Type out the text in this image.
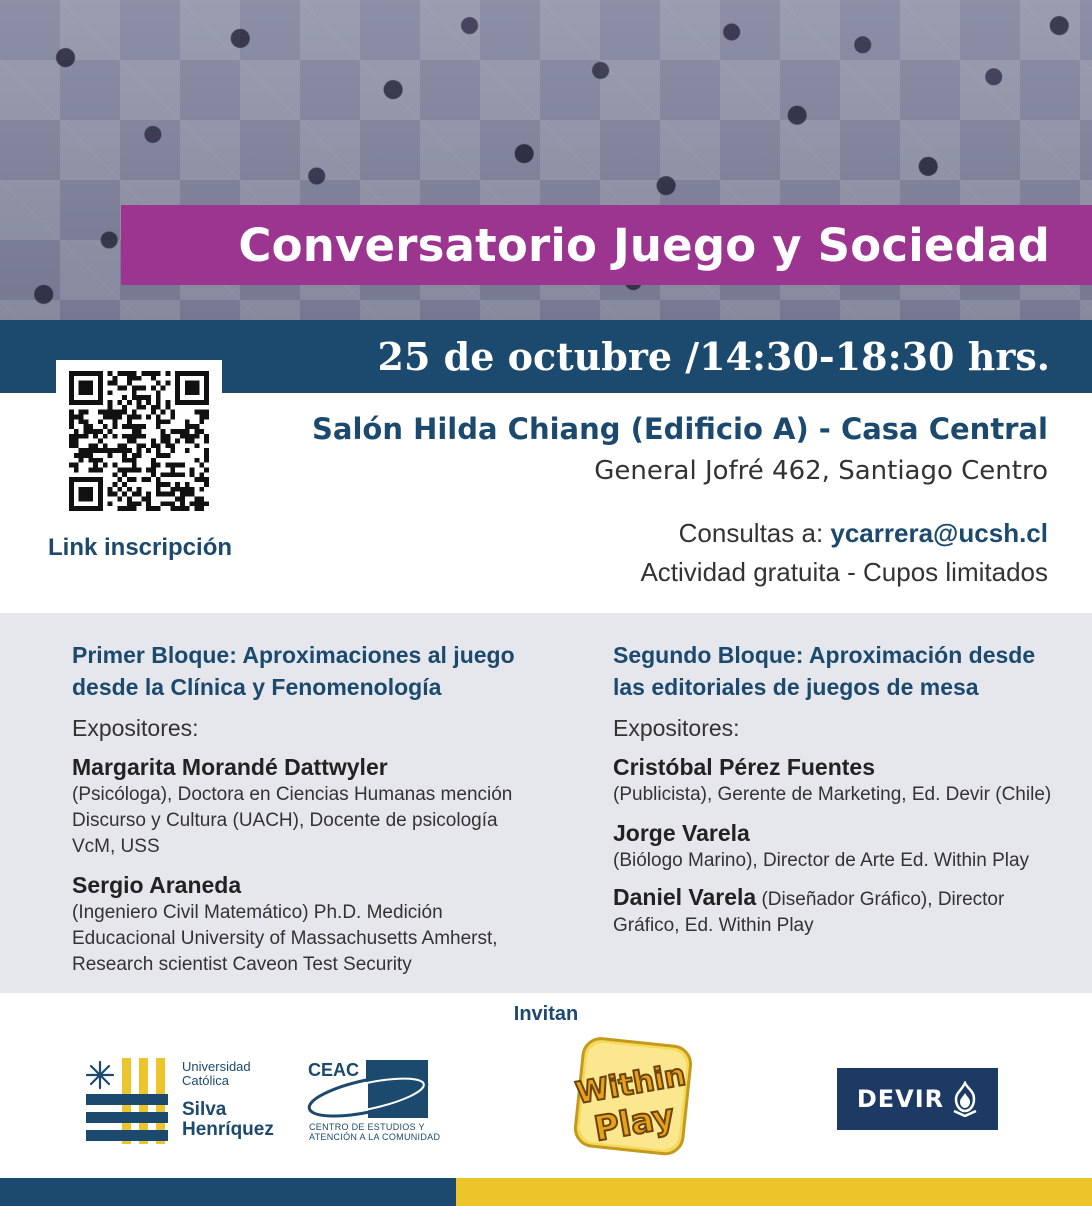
Conversatorio Juego y Sociedad
25 de octubre /14:30-18:30 hrs.
Link inscripción
Salón Hilda Chiang (Edificio A) - Casa Central
General Jofré 462, Santiago Centro
Consultas a: ycarrera@ucsh.cl
Actividad gratuita - Cupos limitados
Primer Bloque: Aproximaciones al juego desde la Clínica y Fenomenología
Expositores:
Margarita Morandé Dattwyler
(Psicóloga), Doctora en Ciencias Humanas mención Discurso y Cultura (UACH), Docente de psicología VcM, USS
Sergio Araneda
(Ingeniero Civil Matemático) Ph.D. Medición Educacional University of Massachusetts Amherst, Research scientist Caveon Test Security
Segundo Bloque: Aproximación desde las editoriales de juegos de mesa
Expositores:
Cristóbal Pérez Fuentes
(Publicista), Gerente de Marketing, Ed. Devir (Chile)
Jorge Varela
(Biólogo Marino), Director de Arte Ed. Within Play
Daniel Varela (Diseñador Gráfico), Director Gráfico, Ed. Within Play
Invitan
Universidad
Católica
Silva
Henríquez
CEAC
CENTRO DE ESTUDIOS Y
ATENCIÓN A LA COMUNIDAD
Within
Play	DEVIR
